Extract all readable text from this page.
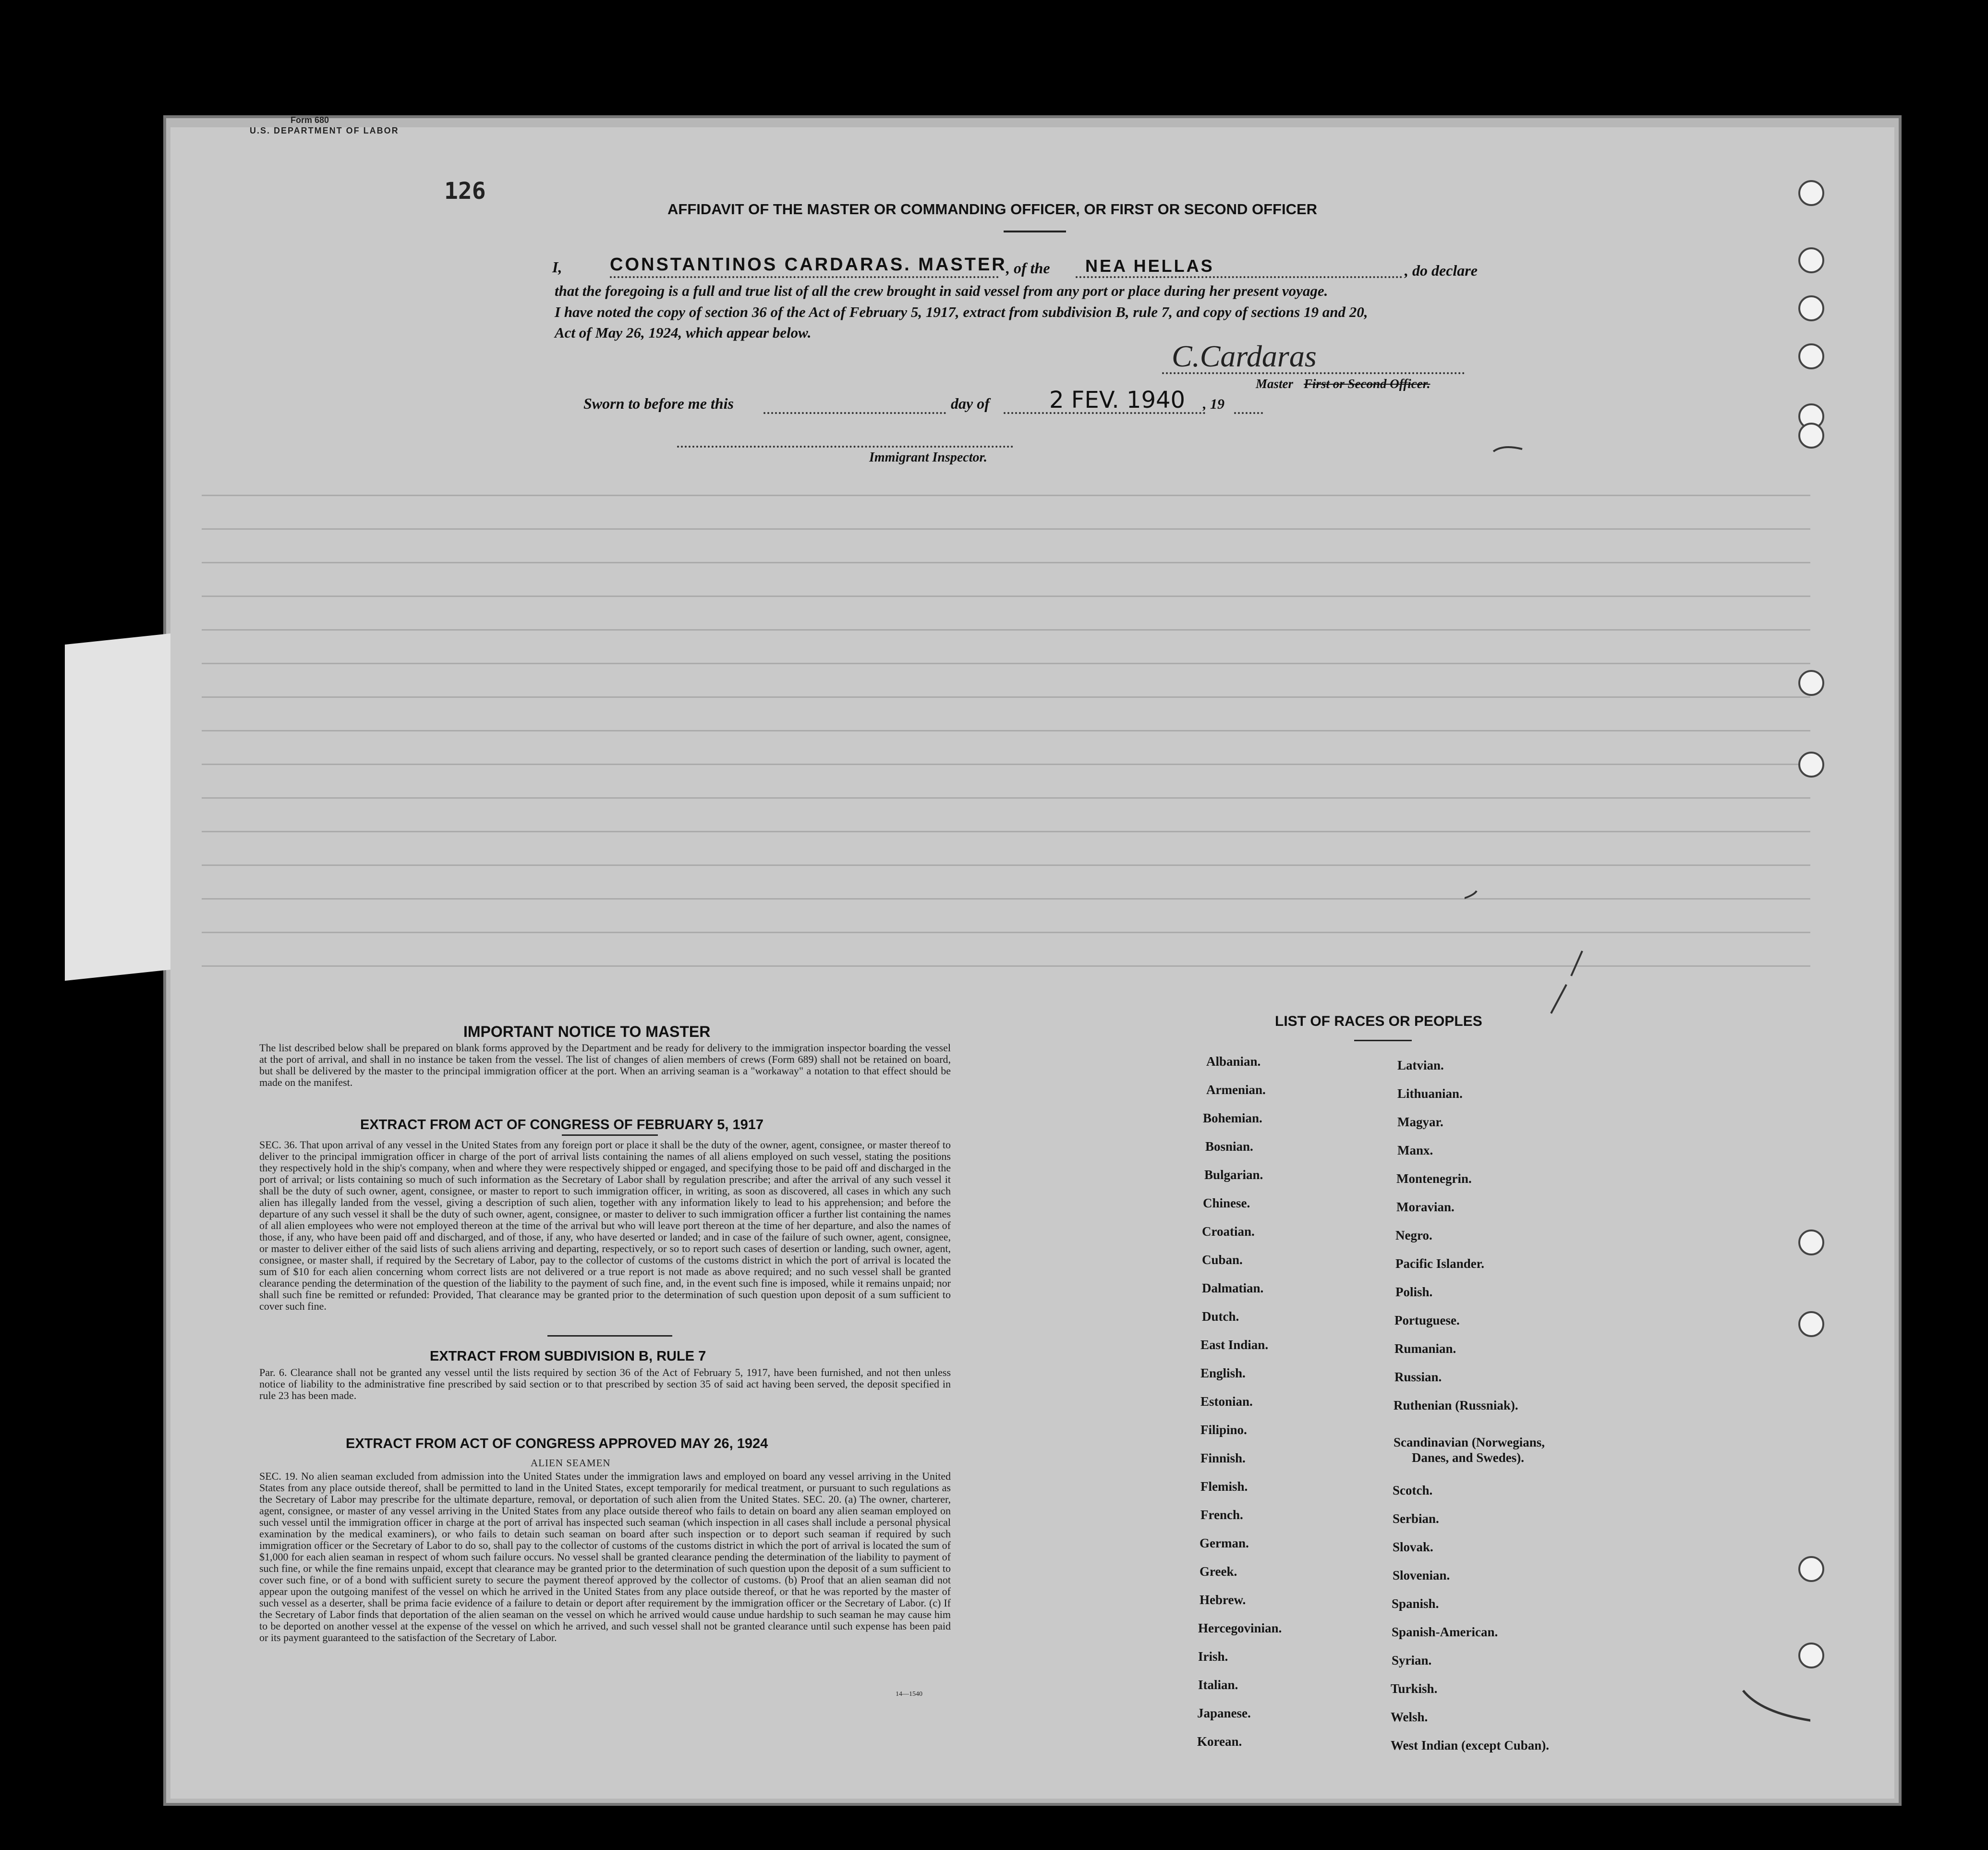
Form 680
U.S. DEPARTMENT OF LABOR
126
AFFIDAVIT OF THE MASTER OR COMMANDING OFFICER, OR FIRST OR SECOND OFFICER
I,	CONSTANTINOS CARDARAS. MASTER
, of the NEA HELLAS	, do declare
that the foregoing is a full and true list of all the crew brought in said vessel from any port or place during her present voyage.
I have noted the copy of section 36 of the Act of February 5, 1917, extract from subdivision B, rule 7, and copy of sections 19 and 20,
Act of May 26, 1924, which appear below.
C.Cardaras
Master First or Second Officer.
Sworn to before me this	day of	2 FEV. 1940 , 19
Immigrant Inspector.
IMPORTANT NOTICE TO MASTER
The list described below shall be prepared on blank forms approved by the Department and be ready for delivery to the immigration inspector boarding the vessel at the port of arrival, and shall in no instance be taken from the vessel. The list of changes of alien members of crews (Form 689) shall not be retained on board, but shall be delivered by the master to the principal immigration officer at the port. When an arriving seaman is a "workaway" a notation to that effect should be made on the manifest.
EXTRACT FROM ACT OF CONGRESS OF FEBRUARY 5, 1917
SEC. 36. That upon arrival of any vessel in the United States from any foreign port or place it shall be the duty of the owner, agent, consignee, or master thereof to deliver to the principal immigration officer in charge of the port of arrival lists containing the names of all aliens employed on such vessel, stating the positions they respectively hold in the ship's company, when and where they were respectively shipped or engaged, and specifying those to be paid off and discharged in the port of arrival; or lists containing so much of such information as the Secretary of Labor shall by regulation prescribe; and after the arrival of any such vessel it shall be the duty of such owner, agent, consignee, or master to report to such immigration officer, in writing, as soon as discovered, all cases in which any such alien has illegally landed from the vessel, giving a description of such alien, together with any information likely to lead to his apprehension; and before the departure of any such vessel it shall be the duty of such owner, agent, consignee, or master to deliver to such immigration officer a further list containing the names of all alien employees who were not employed thereon at the time of the arrival but who will leave port thereon at the time of her departure, and also the names of those, if any, who have been paid off and discharged, and of those, if any, who have deserted or landed; and in case of the failure of such owner, agent, consignee, or master to deliver either of the said lists of such aliens arriving and departing, respectively, or so to report such cases of desertion or landing, such owner, agent, consignee, or master shall, if required by the Secretary of Labor, pay to the collector of customs of the customs district in which the port of arrival is located the sum of $10 for each alien concerning whom correct lists are not delivered or a true report is not made as above required; and no such vessel shall be granted clearance pending the determination of the question of the liability to the payment of such fine, and, in the event such fine is imposed, while it remains unpaid; nor shall such fine be remitted or refunded: Provided, That clearance may be granted prior to the determination of such question upon deposit of a sum sufficient to cover such fine.
EXTRACT FROM SUBDIVISION B, RULE 7
Par. 6. Clearance shall not be granted any vessel until the lists required by section 36 of the Act of February 5, 1917, have been furnished, and not then unless notice of liability to the administrative fine prescribed by said section or to that prescribed by section 35 of said act having been served, the deposit specified in rule 23 has been made.
EXTRACT FROM ACT OF CONGRESS APPROVED MAY 26, 1924
ALIEN SEAMEN
SEC. 19. No alien seaman excluded from admission into the United States under the immigration laws and employed on board any vessel arriving in the United States from any place outside thereof, shall be permitted to land in the United States, except temporarily for medical treatment, or pursuant to such regulations as the Secretary of Labor may prescribe for the ultimate departure, removal, or deportation of such alien from the United States. SEC. 20. (a) The owner, charterer, agent, consignee, or master of any vessel arriving in the United States from any place outside thereof who fails to detain on board any alien seaman employed on such vessel until the immigration officer in charge at the port of arrival has inspected such seaman (which inspection in all cases shall include a personal physical examination by the medical examiners), or who fails to detain such seaman on board after such inspection or to deport such seaman if required by such immigration officer or the Secretary of Labor to do so, shall pay to the collector of customs of the customs district in which the port of arrival is located the sum of $1,000 for each alien seaman in respect of whom such failure occurs. No vessel shall be granted clearance pending the determination of the liability to payment of such fine, or while the fine remains unpaid, except that clearance may be granted prior to the determination of such question upon the deposit of a sum sufficient to cover such fine, or of a bond with sufficient surety to secure the payment thereof approved by the collector of customs. (b) Proof that an alien seaman did not appear upon the outgoing manifest of the vessel on which he arrived in the United States from any place outside thereof, or that he was reported by the master of such vessel as a deserter, shall be prima facie evidence of a failure to detain or deport after requirement by the immigration officer or the Secretary of Labor. (c) If the Secretary of Labor finds that deportation of the alien seaman on the vessel on which he arrived would cause undue hardship to such seaman he may cause him to be deported on another vessel at the expense of the vessel on which he arrived, and such vessel shall not be granted clearance until such expense has been paid or its payment guaranteed to the satisfaction of the Secretary of Labor.
14—1540
LIST OF RACES OR PEOPLES
Albanian.
Armenian.
Bohemian.
Bosnian.
Bulgarian.
Chinese.
Croatian.
Cuban.
Dalmatian.
Dutch.
East Indian.
English.
Estonian.
Filipino.
Finnish.
Flemish.
French.
German.
Greek.
Hebrew.
Hercegovinian.
Irish.
Italian.
Japanese.
Korean.
Latvian.
Lithuanian.
Magyar.
Manx.
Montenegrin.
Moravian.
Negro.
Pacific Islander.
Polish.
Portuguese.
Rumanian.
Russian.
Ruthenian (Russniak).
Scandinavian (Norwegians,
Danes, and Swedes).
Scotch.
Serbian.
Slovak.
Slovenian.
Spanish.
Spanish-American.
Syrian.
Turkish.
Welsh.
West Indian (except Cuban).
